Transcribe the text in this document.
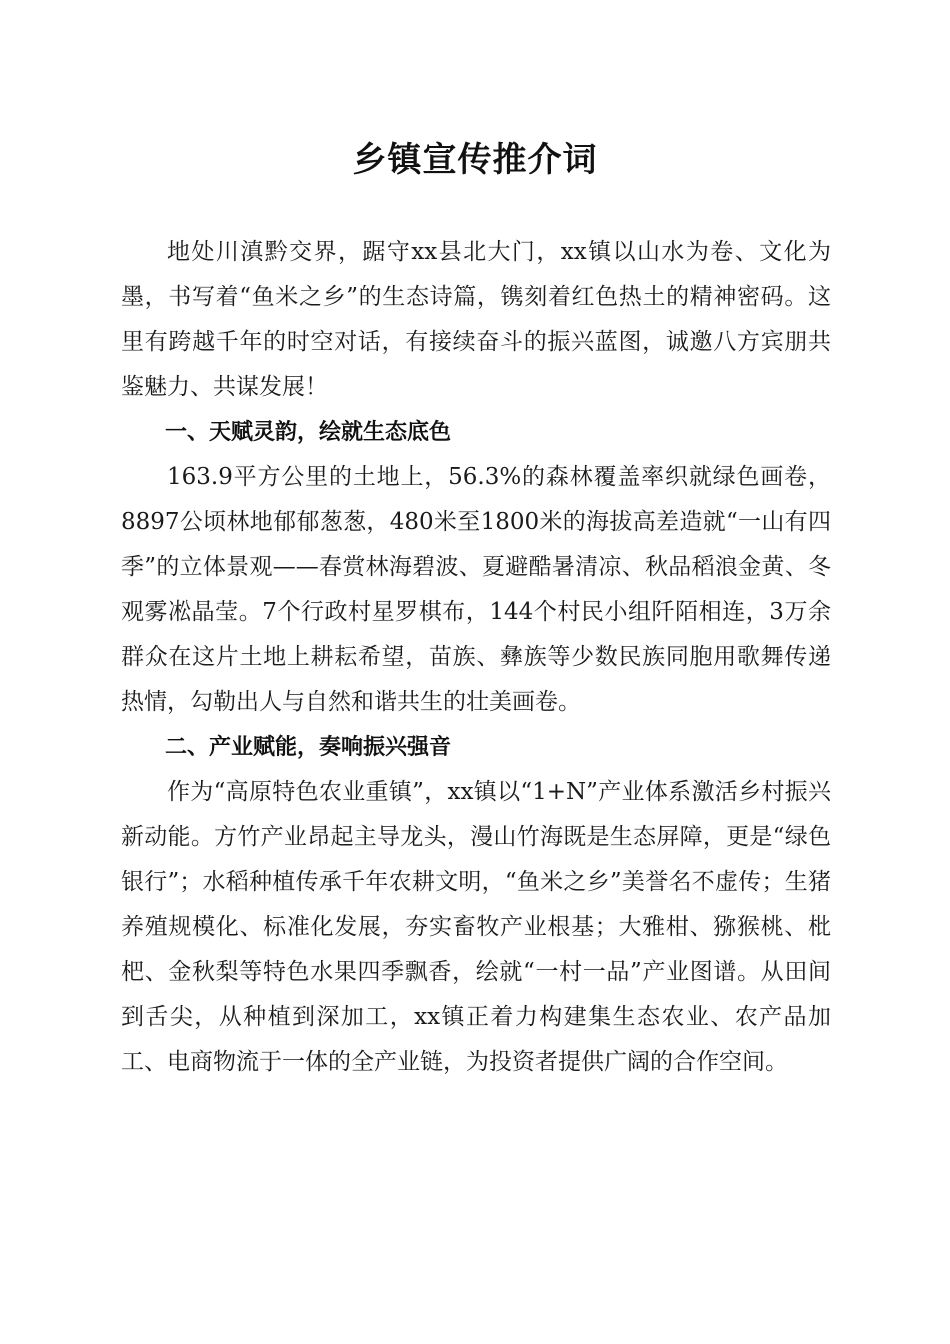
乡镇宣传推介词

地处川滇黔交界，踞守xx县北大门，xx镇以山水为卷、文化为墨，书写着“鱼米之乡”的生态诗篇，镌刻着红色热土的精神密码。这里有跨越千年的时空对话，有接续奋斗的振兴蓝图，诚邀八方宾朋共鉴魅力、共谋发展！

一、天赋灵韵，绘就生态底色

163.9平方公里的土地上，56.3%的森林覆盖率织就绿色画卷，8897公顷林地郁郁葱葱，480米至1800米的海拔高差造就“一山有四季”的立体景观——春赏林海碧波、夏避酷暑清凉、秋品稻浪金黄、冬观雾凇晶莹。7个行政村星罗棋布，144个村民小组阡陌相连，3万余群众在这片土地上耕耘希望，苗族、彝族等少数民族同胞用歌舞传递热情，勾勒出人与自然和谐共生的壮美画卷。

二、产业赋能，奏响振兴强音

作为“高原特色农业重镇”，xx镇以“1+N”产业体系激活乡村振兴新动能。方竹产业昂起主导龙头，漫山竹海既是生态屏障，更是“绿色银行”；水稻种植传承千年农耕文明，“鱼米之乡”美誉名不虚传；生猪养殖规模化、标准化发展，夯实畜牧产业根基；大雅柑、猕猴桃、枇杷、金秋梨等特色水果四季飘香，绘就“一村一品”产业图谱。从田间到舌尖，从种植到深加工，xx镇正着力构建集生态农业、农产品加工、电商物流于一体的全产业链，为投资者提供广阔的合作空间。
